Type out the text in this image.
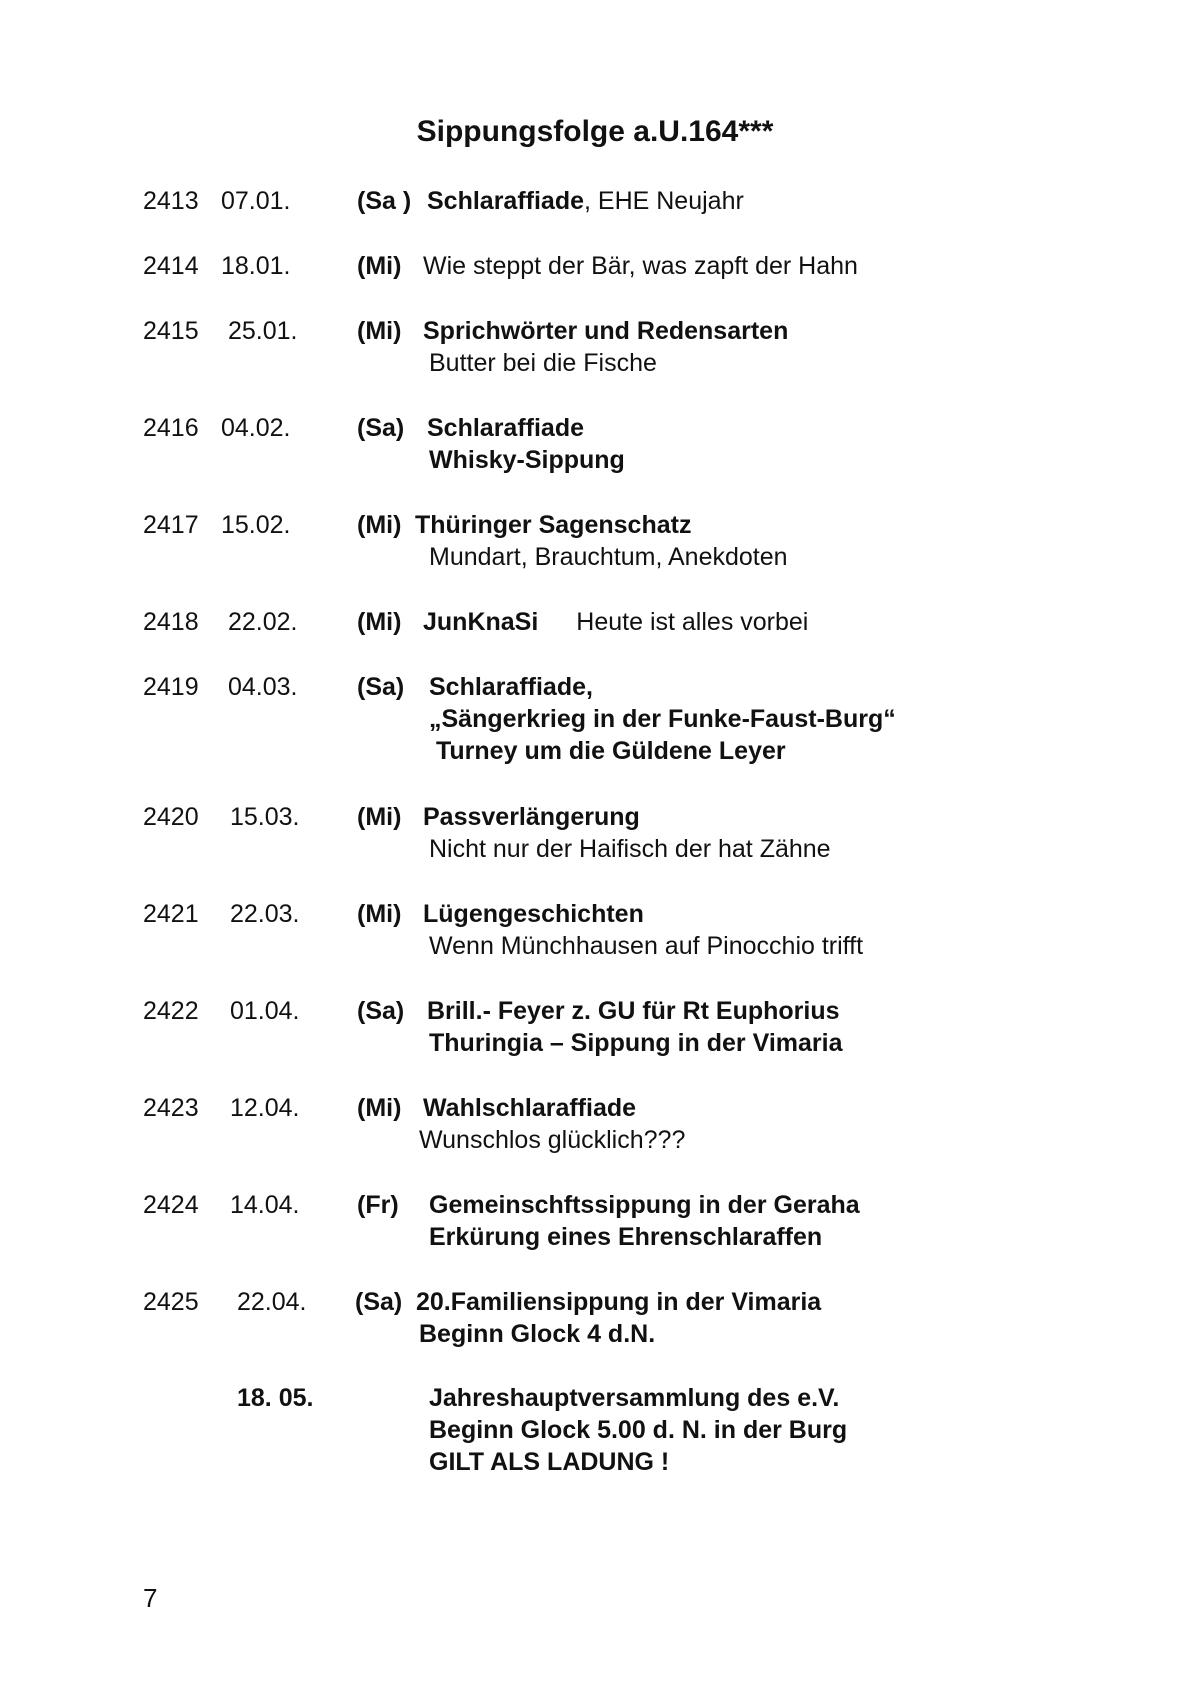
Sippungsfolge a.U.164***
2413 07.01.	(Sa ) Schlaraffiade, EHE Neujahr
2414 18.01.	(Mi) Wie steppt der Bär, was zapft der Hahn
2415 25.01. (Mi) Sprichwörter und Redensarten
Butter bei die Fische
2416 04.02.	(Sa) Schlaraffiade
Whisky-Sippung
2417 15.02.	(Mi) Thüringer Sagenschatz
Mundart, Brauchtum, Anekdoten
2418 22.02. (Mi) JunKnaSi Heute ist alles vorbei
2419 04.03. (Sa) Schlaraffiade,
„Sängerkrieg in der Funke-Faust-Burg“
Turney um die Güldene Leyer
2420 15.03. (Mi) Passverlängerung
Nicht nur der Haifisch der hat Zähne
2421 22.03. (Mi) Lügengeschichten
Wenn Münchhausen auf Pinocchio trifft
2422 01.04. (Sa) Brill.- Feyer z. GU für Rt Euphorius
Thuringia – Sippung in der Vimaria
2423 12.04. (Mi) Wahlschlaraffiade
Wunschlos glücklich???
2424 14.04. (Fr) Gemeinschftssippung in der Geraha
Erkürung eines Ehrenschlaraffen
2425 22.04. (Sa) 20.Familiensippung in der Vimaria
Beginn Glock 4 d.N.
18. 05.	Jahreshauptversammlung des e.V.
Beginn Glock 5.00 d. N. in der Burg
GILT ALS LADUNG !
7
